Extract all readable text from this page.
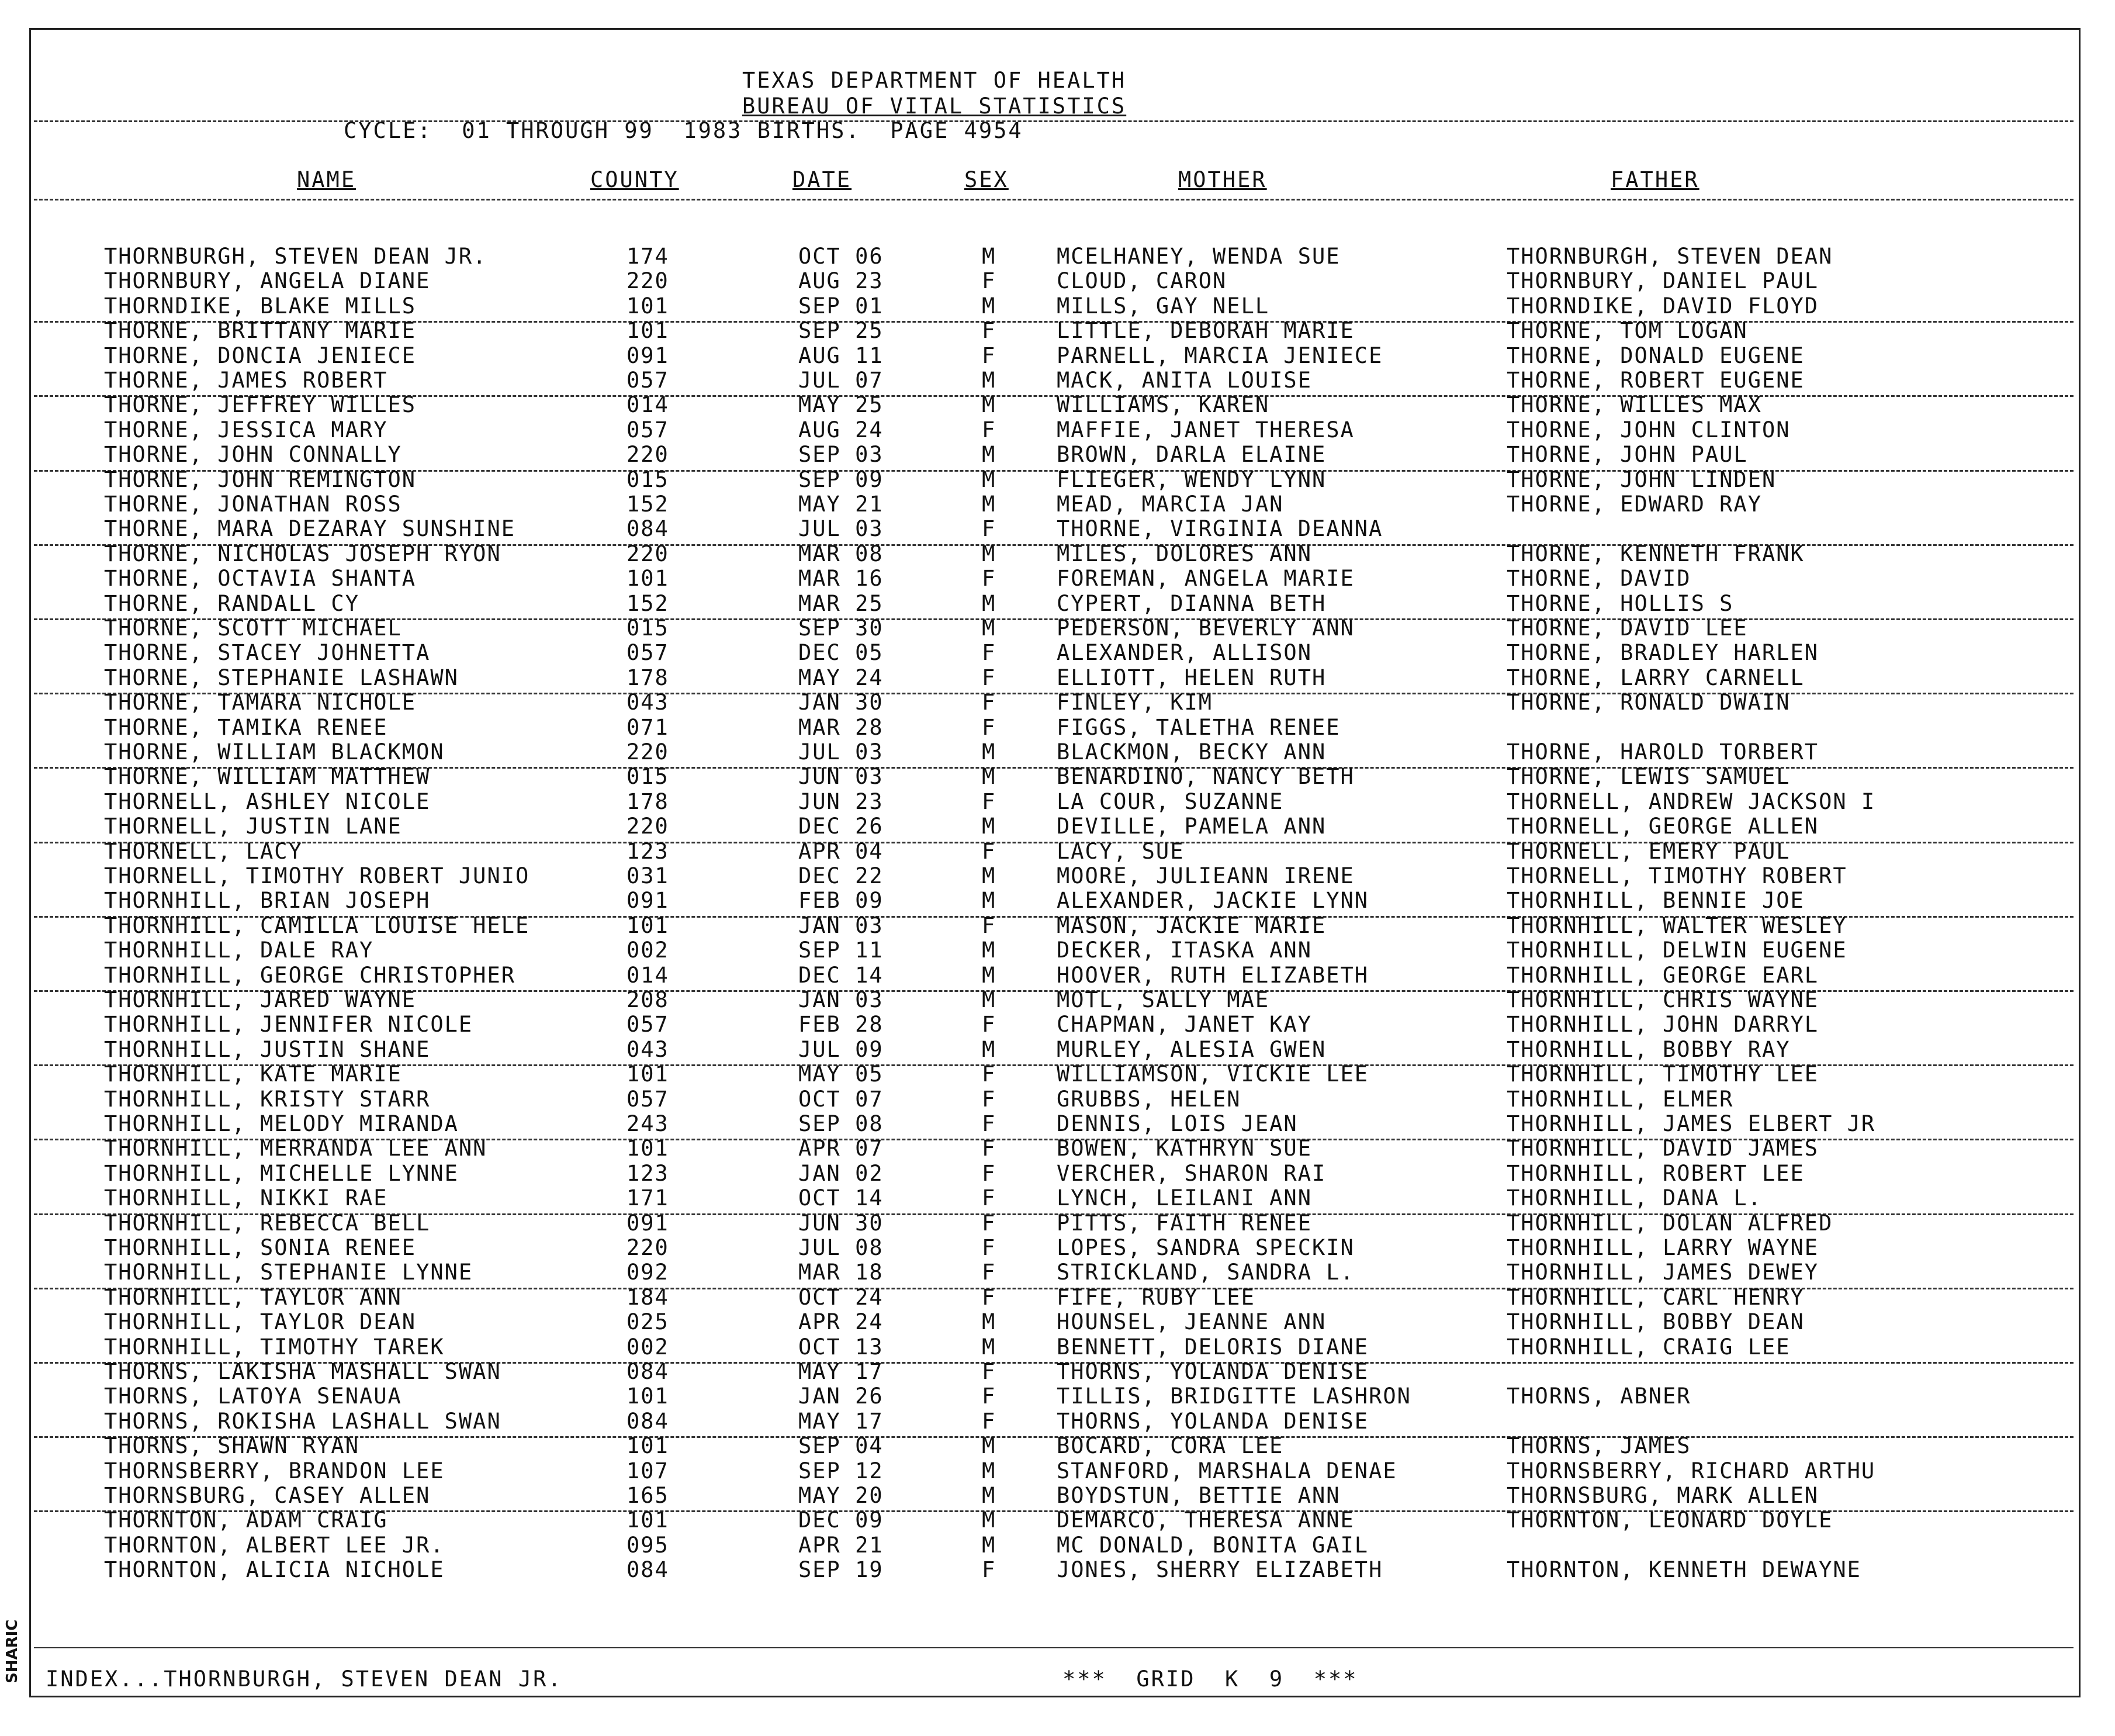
TEXAS DEPARTMENT OF HEALTH
BUREAU OF VITAL STATISTICS
CYCLE:  01 THROUGH 99  1983 BIRTHS.  PAGE 4954
NAME	COUNTY	DATE	SEX	MOTHER	FATHER
THORNBURGH, STEVEN DEAN JR.	174	OCT 06	M	MCELHANEY, WENDA SUE	THORNBURGH, STEVEN DEAN
THORNBURY, ANGELA DIANE	220	AUG 23	F	CLOUD, CARON	THORNBURY, DANIEL PAUL
THORNDIKE, BLAKE MILLS	101	SEP 01	M	MILLS, GAY NELL	THORNDIKE, DAVID FLOYD
THORNE, BRITTANY MARIE	101	SEP 25	F	LITTLE, DEBORAH MARIE	THORNE, TOM LOGAN
THORNE, DONCIA JENIECE	091	AUG 11	F	PARNELL, MARCIA JENIECE	THORNE, DONALD EUGENE
THORNE, JAMES ROBERT	057	JUL 07	M	MACK, ANITA LOUISE	THORNE, ROBERT EUGENE
THORNE, JEFFREY WILLES	014	MAY 25	M	WILLIAMS, KAREN	THORNE, WILLES MAX
THORNE, JESSICA MARY	057	AUG 24	F	MAFFIE, JANET THERESA	THORNE, JOHN CLINTON
THORNE, JOHN CONNALLY	220	SEP 03	M	BROWN, DARLA ELAINE	THORNE, JOHN PAUL
THORNE, JOHN REMINGTON	015	SEP 09	M	FLIEGER, WENDY LYNN	THORNE, JOHN LINDEN
THORNE, JONATHAN ROSS	152	MAY 21	M	MEAD, MARCIA JAN	THORNE, EDWARD RAY
THORNE, MARA DEZARAY SUNSHINE	084	JUL 03	F	THORNE, VIRGINIA DEANNA
THORNE, NICHOLAS JOSEPH RYON	220	MAR 08	M	MILES, DOLORES ANN	THORNE, KENNETH FRANK
THORNE, OCTAVIA SHANTA	101	MAR 16	F	FOREMAN, ANGELA MARIE	THORNE, DAVID
THORNE, RANDALL CY	152	MAR 25	M	CYPERT, DIANNA BETH	THORNE, HOLLIS S
THORNE, SCOTT MICHAEL	015	SEP 30	M	PEDERSON, BEVERLY ANN	THORNE, DAVID LEE
THORNE, STACEY JOHNETTA	057	DEC 05	F	ALEXANDER, ALLISON	THORNE, BRADLEY HARLEN
THORNE, STEPHANIE LASHAWN	178	MAY 24	F	ELLIOTT, HELEN RUTH	THORNE, LARRY CARNELL
THORNE, TAMARA NICHOLE	043	JAN 30	F	FINLEY, KIM	THORNE, RONALD DWAIN
THORNE, TAMIKA RENEE	071	MAR 28	F	FIGGS, TALETHA RENEE
THORNE, WILLIAM BLACKMON	220	JUL 03	M	BLACKMON, BECKY ANN	THORNE, HAROLD TORBERT
THORNE, WILLIAM MATTHEW	015	JUN 03	M	BENARDINO, NANCY BETH	THORNE, LEWIS SAMUEL
THORNELL, ASHLEY NICOLE	178	JUN 23	F	LA COUR, SUZANNE	THORNELL, ANDREW JACKSON I
THORNELL, JUSTIN LANE	220	DEC 26	M	DEVILLE, PAMELA ANN	THORNELL, GEORGE ALLEN
THORNELL, LACY	123	APR 04	F	LACY, SUE	THORNELL, EMERY PAUL
THORNELL, TIMOTHY ROBERT JUNIO	031	DEC 22	M	MOORE, JULIEANN IRENE	THORNELL, TIMOTHY ROBERT
THORNHILL, BRIAN JOSEPH	091	FEB 09	M	ALEXANDER, JACKIE LYNN	THORNHILL, BENNIE JOE
THORNHILL, CAMILLA LOUISE HELE	101	JAN 03	F	MASON, JACKIE MARIE	THORNHILL, WALTER WESLEY
THORNHILL, DALE RAY	002	SEP 11	M	DECKER, ITASKA ANN	THORNHILL, DELWIN EUGENE
THORNHILL, GEORGE CHRISTOPHER	014	DEC 14	M	HOOVER, RUTH ELIZABETH	THORNHILL, GEORGE EARL
THORNHILL, JARED WAYNE	208	JAN 03	M	MOTL, SALLY MAE	THORNHILL, CHRIS WAYNE
THORNHILL, JENNIFER NICOLE	057	FEB 28	F	CHAPMAN, JANET KAY	THORNHILL, JOHN DARRYL
THORNHILL, JUSTIN SHANE	043	JUL 09	M	MURLEY, ALESIA GWEN	THORNHILL, BOBBY RAY
THORNHILL, KATE MARIE	101	MAY 05	F	WILLIAMSON, VICKIE LEE	THORNHILL, TIMOTHY LEE
THORNHILL, KRISTY STARR	057	OCT 07	F	GRUBBS, HELEN	THORNHILL, ELMER
THORNHILL, MELODY MIRANDA	243	SEP 08	F	DENNIS, LOIS JEAN	THORNHILL, JAMES ELBERT JR
THORNHILL, MERRANDA LEE ANN	101	APR 07	F	BOWEN, KATHRYN SUE	THORNHILL, DAVID JAMES
THORNHILL, MICHELLE LYNNE	123	JAN 02	F	VERCHER, SHARON RAI	THORNHILL, ROBERT LEE
THORNHILL, NIKKI RAE	171	OCT 14	F	LYNCH, LEILANI ANN	THORNHILL, DANA L.
THORNHILL, REBECCA BELL	091	JUN 30	F	PITTS, FAITH RENEE	THORNHILL, DOLAN ALFRED
THORNHILL, SONIA RENEE	220	JUL 08	F	LOPES, SANDRA SPECKIN	THORNHILL, LARRY WAYNE
THORNHILL, STEPHANIE LYNNE	092	MAR 18	F	STRICKLAND, SANDRA L.	THORNHILL, JAMES DEWEY
THORNHILL, TAYLOR ANN	184	OCT 24	F	FIFE, RUBY LEE	THORNHILL, CARL HENRY
THORNHILL, TAYLOR DEAN	025	APR 24	M	HOUNSEL, JEANNE ANN	THORNHILL, BOBBY DEAN
THORNHILL, TIMOTHY TAREK	002	OCT 13	M	BENNETT, DELORIS DIANE	THORNHILL, CRAIG LEE
THORNS, LAKISHA MASHALL SWAN	084	MAY 17	F	THORNS, YOLANDA DENISE
THORNS, LATOYA SENAUA	101	JAN 26	F	TILLIS, BRIDGITTE LASHRON	THORNS, ABNER
THORNS, ROKISHA LASHALL SWAN	084	MAY 17	F	THORNS, YOLANDA DENISE
THORNS, SHAWN RYAN	101	SEP 04	M	BOCARD, CORA LEE	THORNS, JAMES
THORNSBERRY, BRANDON LEE	107	SEP 12	M	STANFORD, MARSHALA DENAE	THORNSBERRY, RICHARD ARTHU
THORNSBURG, CASEY ALLEN	165	MAY 20	M	BOYDSTUN, BETTIE ANN	THORNSBURG, MARK ALLEN
THORNTON, ADAM CRAIG	101	DEC 09	M	DEMARCO, THERESA ANNE	THORNTON, LEONARD DOYLE
THORNTON, ALBERT LEE JR.	095	APR 21	M	MC DONALD, BONITA GAIL
THORNTON, ALICIA NICHOLE	084	SEP 19	F	JONES, SHERRY ELIZABETH	THORNTON, KENNETH DEWAYNE
INDEX...THORNBURGH, STEVEN DEAN JR.	***  GRID  K  9  ***
SHARIC
